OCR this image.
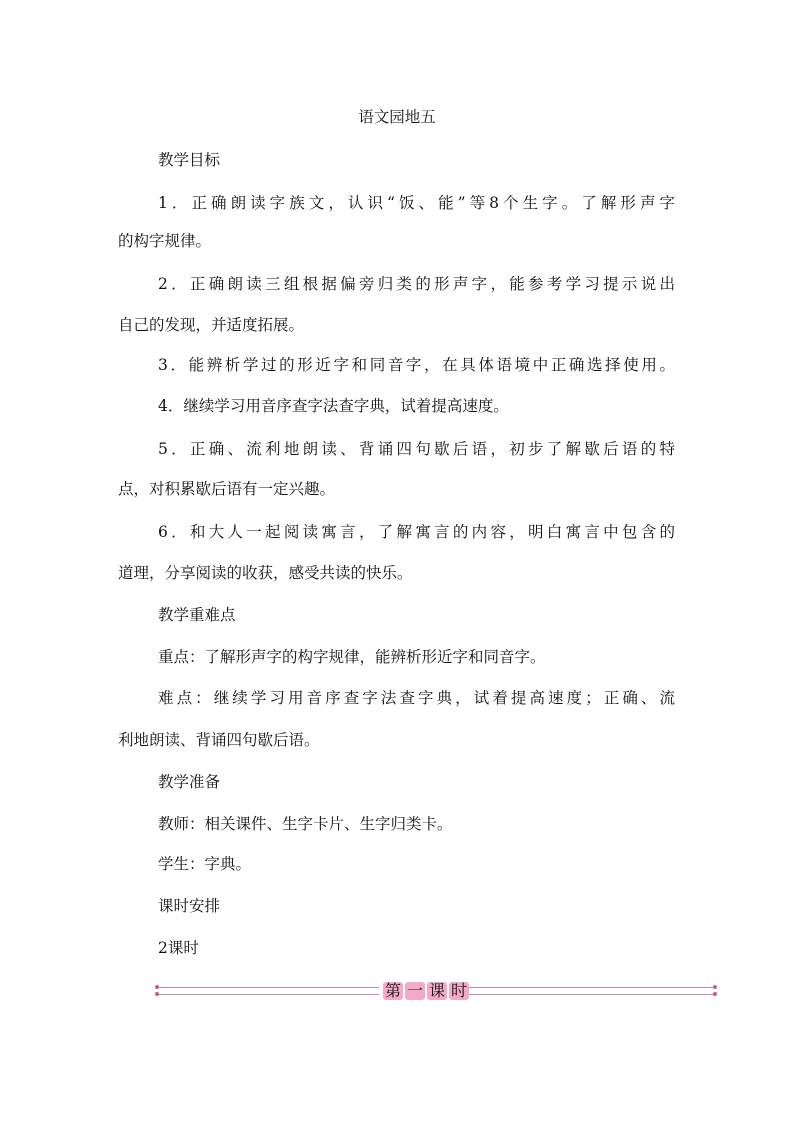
语文园地五
教学目标
1．正确朗读字族文，认识“饭、能”等8个生字。了解形声字
的构字规律。
2．正确朗读三组根据偏旁归类的形声字，能参考学习提示说出
自己的发现，并适度拓展。
3．能辨析学过的形近字和同音字，在具体语境中正确选择使用。
4．继续学习用音序查字法查字典，试着提高速度。
5．正确、流利地朗读、背诵四句歇后语，初步了解歇后语的特
点，对积累歇后语有一定兴趣。
6．和大人一起阅读寓言，了解寓言的内容，明白寓言中包含的
道理，分享阅读的收获，感受共读的快乐。
教学重难点
重点：了解形声字的构字规律，能辨析形近字和同音字。
难点：继续学习用音序查字法查字典，试着提高速度；正确、流
利地朗读、背诵四句歇后语。
教学准备
教师：相关课件、生字卡片、生字归类卡。
学生：字典。
课时安排
2课时
第 一 课 时
